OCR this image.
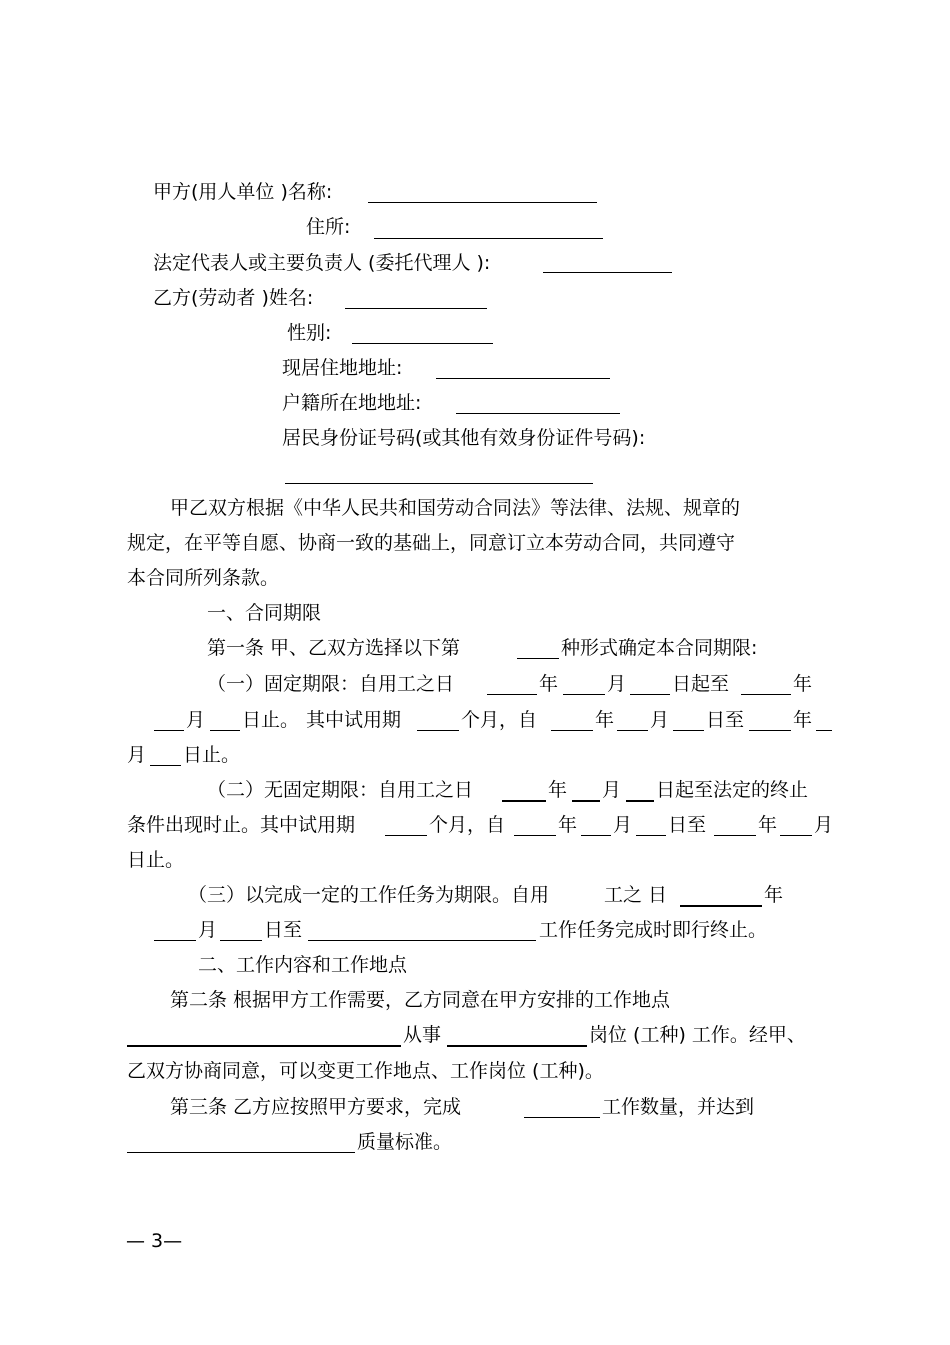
甲方(用人单位 )名称:
住所:
法定代表人或主要负责人 (委托代理人 ):
乙方(劳动者 )姓名:
性别:
现居住地地址:
户籍所在地地址:
居民身份证号码(或其他有效身份证件号码):
甲乙双方根据《中华人民共和国劳动合同法》等法律、法规、规章的
规定，在平等自愿、协商一致的基础上，同意订立本劳动合同，共同遵守
本合同所列条款。
一、合同期限
第一条 甲、乙双方选择以下第	种形式确定本合同期限:
（一）固定期限：自用工之日	年	月 日起至	年
月 日止。 其中试用期	个月，自	年 月 日至	年
月 日止。
（二）无固定期限：自用工之日	年 月 日起至法定的终止
条件出现时止。其中试用期	个月，自	年 月 日至	年 月
日止。
（三）以完成一定的工作任务为期限。自用	工之 日	年
月 日至	工作任务完成时即行终止。
二、工作内容和工作地点
第二条 根据甲方工作需要，乙方同意在甲方安排的工作地点
从事	岗位 (工种) 工作。经甲、
乙双方协商同意，可以变更工作地点、工作岗位 (工种)。
第三条 乙方应按照甲方要求，完成	工作数量，并达到
质量标准。
— 3—
